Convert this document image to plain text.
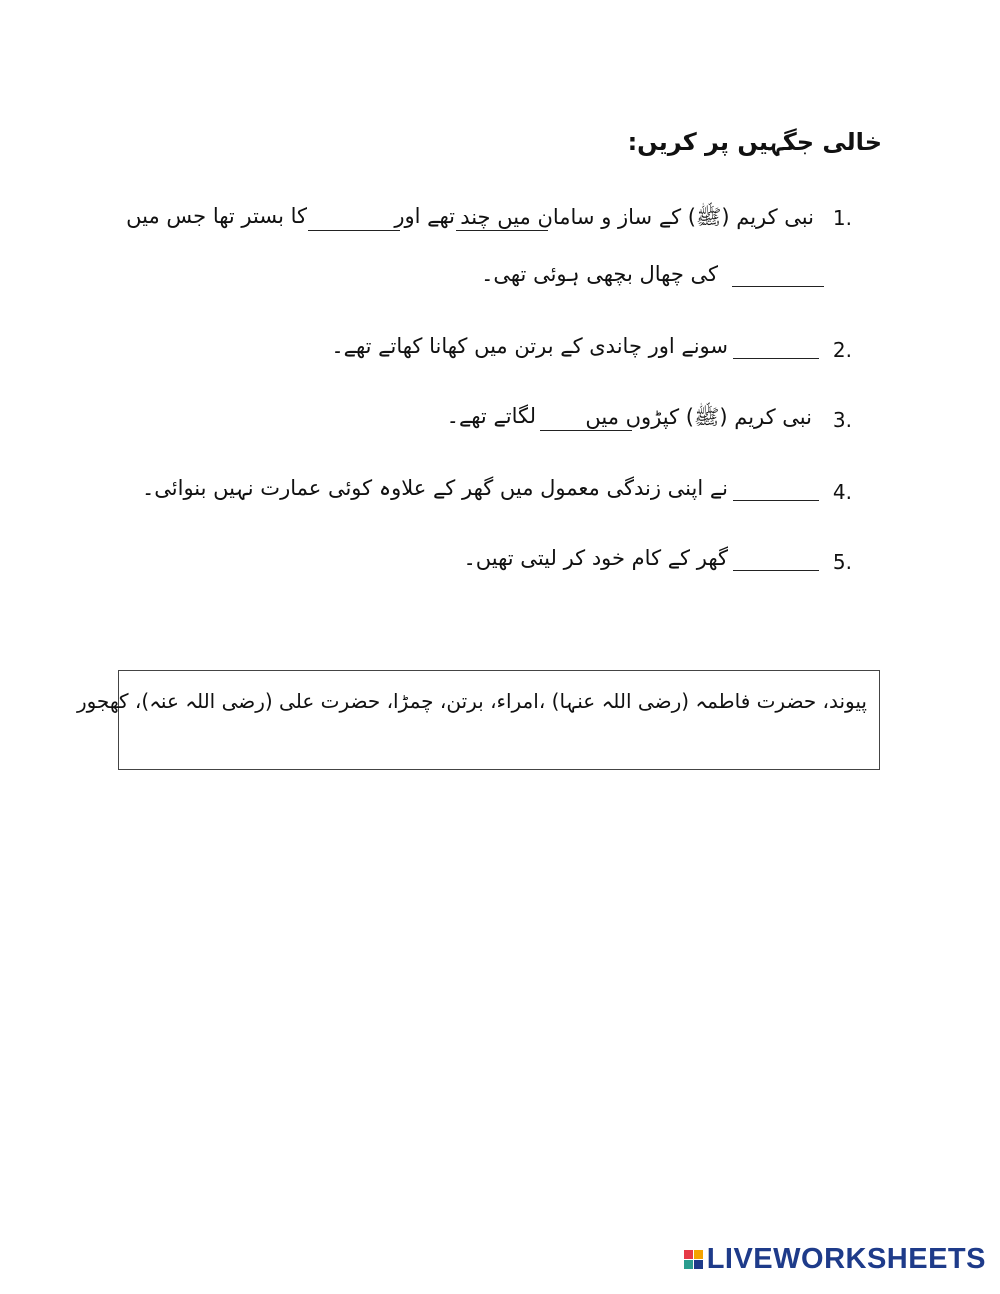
خالی جگہیں پر کریں:
1.
نبی کریم (ﷺ) کے ساز و سامان میں چند
تھے اور
کا بستر تھا جس میں
کی چھال بچھی ہوئی تھی۔
2.
سونے اور چاندی کے برتن میں کھانا کھاتے تھے۔
3.
نبی کریم (ﷺ) کپڑوں میں
لگاتے تھے۔
4.
نے اپنی زندگی معمول میں گھر کے علاوہ کوئی عمارت نہیں بنوائی۔
5.
گھر کے کام خود کر لیتی تھیں۔
پیوند، حضرت فاطمہ (رضی اللہ عنہا) ،امراء، برتن، چمڑا، حضرت علی (رضی اللہ عنہ)، کھجور
LIVEWORKSHEETS
